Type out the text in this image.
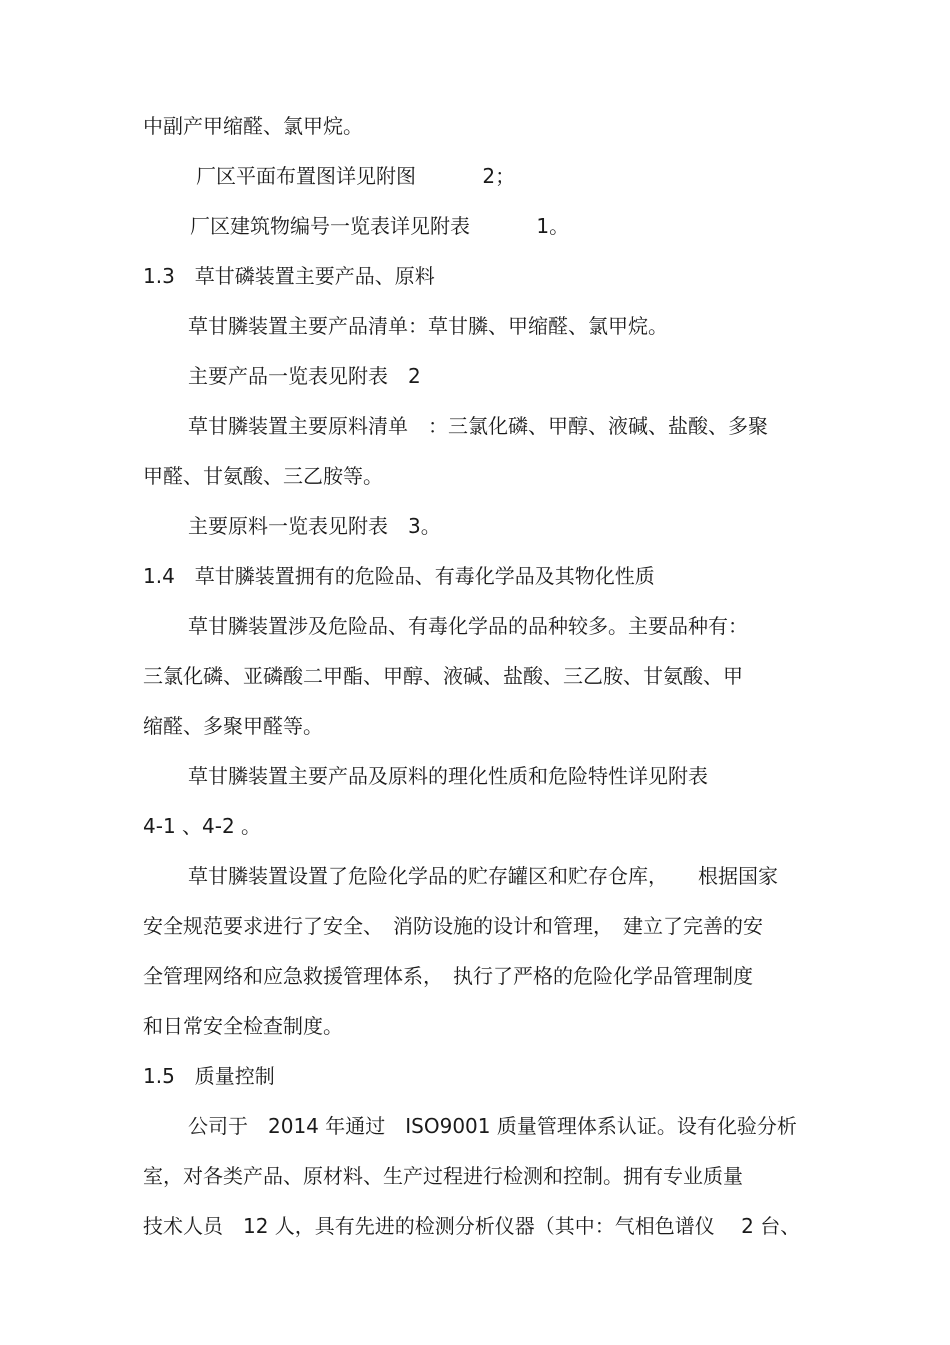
中副产甲缩醛、氯甲烷。
厂区平面布置图详见附图 　　　2；
厂区建筑物编号一览表详见附表 　　　1。
1.3　草甘磷装置主要产品、原料
草甘膦装置主要产品清单：草甘膦、甲缩醛、氯甲烷。
主要产品一览表见附表　2
草甘膦装置主要原料清单　：三氯化磷、甲醇、液碱、盐酸、多聚
甲醛、甘氨酸、三乙胺等。
主要原料一览表见附表　3。
1.4　草甘膦装置拥有的危险品、有毒化学品及其物化性质
草甘膦装置涉及危险品、有毒化学品的品种较多。主要品种有：
三氯化磷、亚磷酸二甲酯、甲醇、液碱、盐酸、三乙胺、甘氨酸、甲
缩醛、多聚甲醛等。
草甘膦装置主要产品及原料的理化性质和危险特性详见附表
4-1 、4-2 。
草甘膦装置设置了危险化学品的贮存罐区和贮存仓库，　　根据国家
安全规范要求进行了安全、　消防设施的设计和管理，　建立了完善的安
全管理网络和应急救援管理体系，　执行了严格的危险化学品管理制度
和日常安全检查制度。
1.5　质量控制
公司于　2014 年通过　ISO9001 质量管理体系认证。设有化验分析
室，对各类产品、原材料、生产过程进行检测和控制。拥有专业质量
技术人员　12 人，具有先进的检测分析仪器（其中：气相色谱仪　 2 台、
